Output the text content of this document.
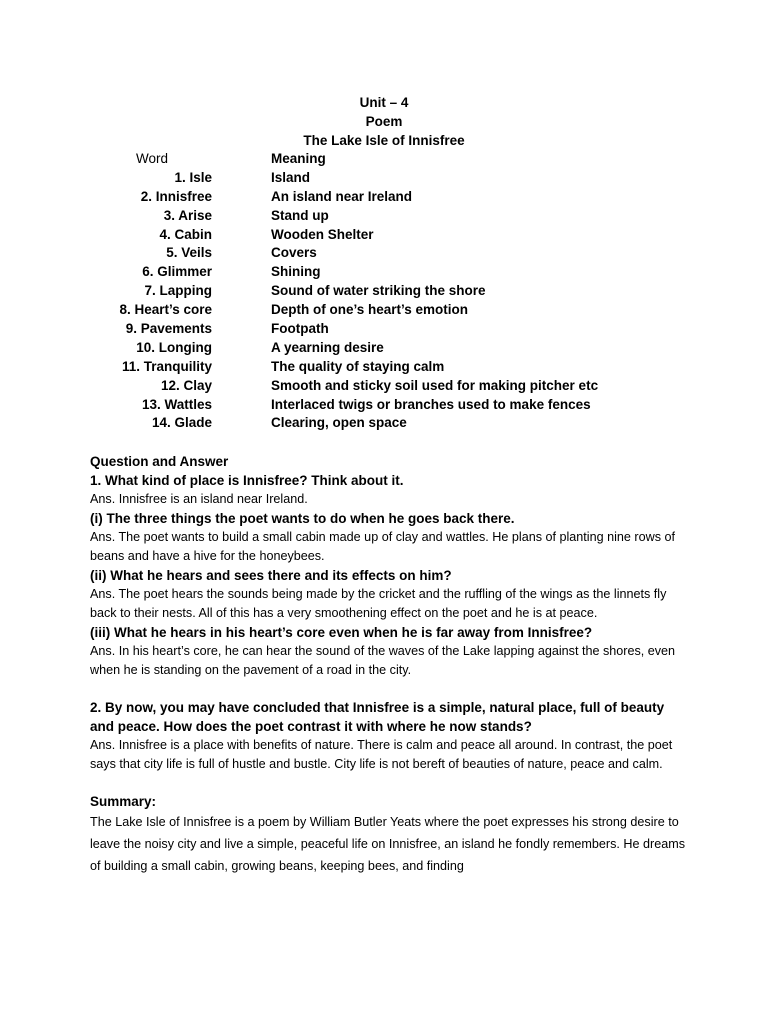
Unit – 4
Poem
The Lake Isle of Innisfree
Word	Meaning
1. Isle	Island
2. Innisfree	An island near Ireland
3. Arise	Stand up
4. Cabin	Wooden Shelter
5. Veils	Covers
6. Glimmer	Shining
7. Lapping	Sound of water striking the shore
8. Heart’s core	Depth of one’s heart’s emotion
9. Pavements	Footpath
10. Longing	A yearning desire
11. Tranquility	The quality of staying calm
12. Clay	Smooth and sticky soil used for making pitcher etc
13. Wattles	Interlaced twigs or branches used to make fences
14. Glade	Clearing, open space

Question and Answer

1. What kind of place is Innisfree? Think about it.

Ans. Innisfree is an island near Ireland.

(i) The three things the poet wants to do when he goes back there.

Ans. The poet wants to build a small cabin made up of clay and wattles. He plans of planting nine rows of beans and have a hive for the honeybees.

(ii) What he hears and sees there and its effects on him?

Ans. The poet hears the sounds being made by the cricket and the ruffling of the wings as the linnets fly back to their nests. All of this has a very smoothening effect on the poet and he is at peace.

(iii) What he hears in his heart’s core even when he is far away from Innisfree?

Ans. In his heart’s core, he can hear the sound of the waves of the Lake lapping against the shores, even when he is standing on the pavement of a road in the city.

2. By now, you may have concluded that Innisfree is a simple, natural place, full of beauty and peace. How does the poet contrast it with where he now stands?

Ans. Innisfree is a place with benefits of nature. There is calm and peace all around. In contrast, the poet says that city life is full of hustle and bustle. City life is not bereft of beauties of nature, peace and calm.

Summary:

The Lake Isle of Innisfree is a poem by William Butler Yeats where the poet expresses his strong desire to leave the noisy city and live a simple, peaceful life on Innisfree, an island he fondly remembers. He dreams of building a small cabin, growing beans, keeping bees, and finding
